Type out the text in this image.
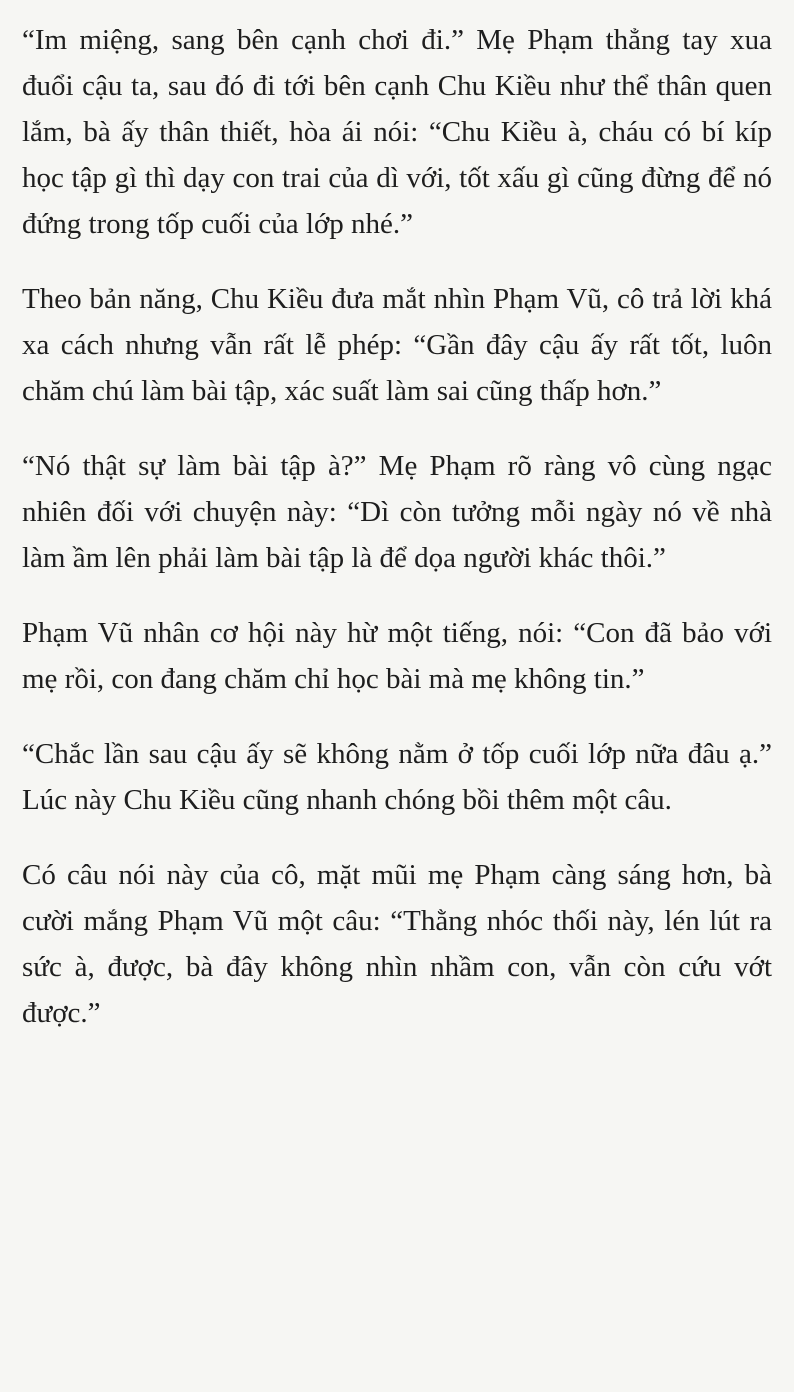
“Im miệng, sang bên cạnh chơi đi.” Mẹ Phạm thẳng tay xua đuổi cậu ta, sau đó đi tới bên cạnh Chu Kiều như thể thân quen lắm, bà ấy thân thiết, hòa ái nói: “Chu Kiều à, cháu có bí kíp học tập gì thì dạy con trai của dì với, tốt xấu gì cũng đừng để nó đứng trong tốp cuối của lớp nhé.”

Theo bản năng, Chu Kiều đưa mắt nhìn Phạm Vũ, cô trả lời khá xa cách nhưng vẫn rất lễ phép: “Gần đây cậu ấy rất tốt, luôn chăm chú làm bài tập, xác suất làm sai cũng thấp hơn.”

“Nó thật sự làm bài tập à?” Mẹ Phạm rõ ràng vô cùng ngạc nhiên đối với chuyện này: “Dì còn tưởng mỗi ngày nó về nhà làm ầm lên phải làm bài tập là để dọa người khác thôi.”

Phạm Vũ nhân cơ hội này hừ một tiếng, nói: “Con đã bảo với mẹ rồi, con đang chăm chỉ học bài mà mẹ không tin.”

“Chắc lần sau cậu ấy sẽ không nằm ở tốp cuối lớp nữa đâu ạ.” Lúc này Chu Kiều cũng nhanh chóng bồi thêm một câu.

Có câu nói này của cô, mặt mũi mẹ Phạm càng sáng hơn, bà cười mắng Phạm Vũ một câu: “Thằng nhóc thối này, lén lút ra sức à, được, bà đây không nhìn nhầm con, vẫn còn cứu vớt được.”
